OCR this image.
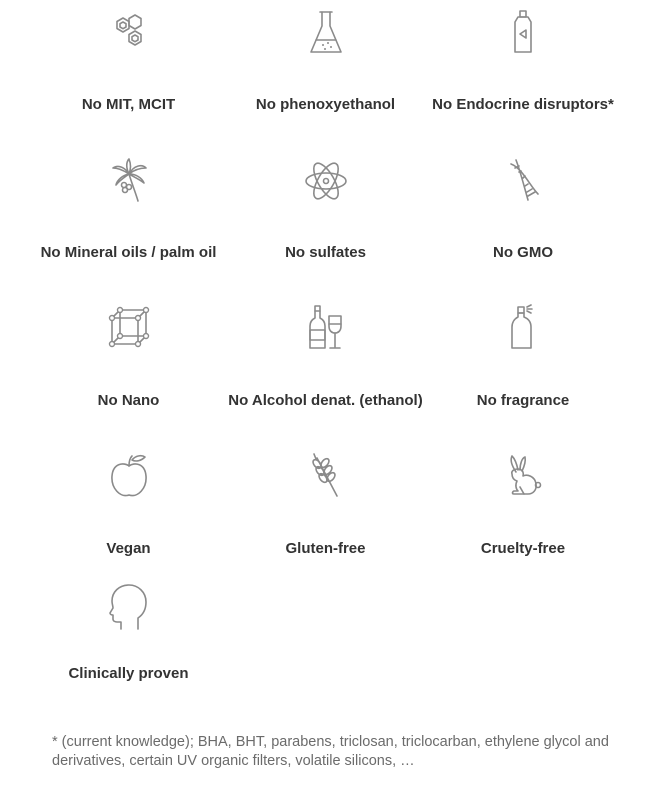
No MIT, MCIT	No phenoxyethanol	No Endocrine disruptors*
No Mineral oils / palm oil	No sulfates	No GMO
No Nano	No Alcohol denat. (ethanol)	No fragrance
Vegan	Gluten-free	Cruelty-free
Clinically proven
* (current knowledge); BHA, BHT, parabens, triclosan, triclocarban, ethylene glycol and derivatives, certain UV organic filters, volatile silicons, …
